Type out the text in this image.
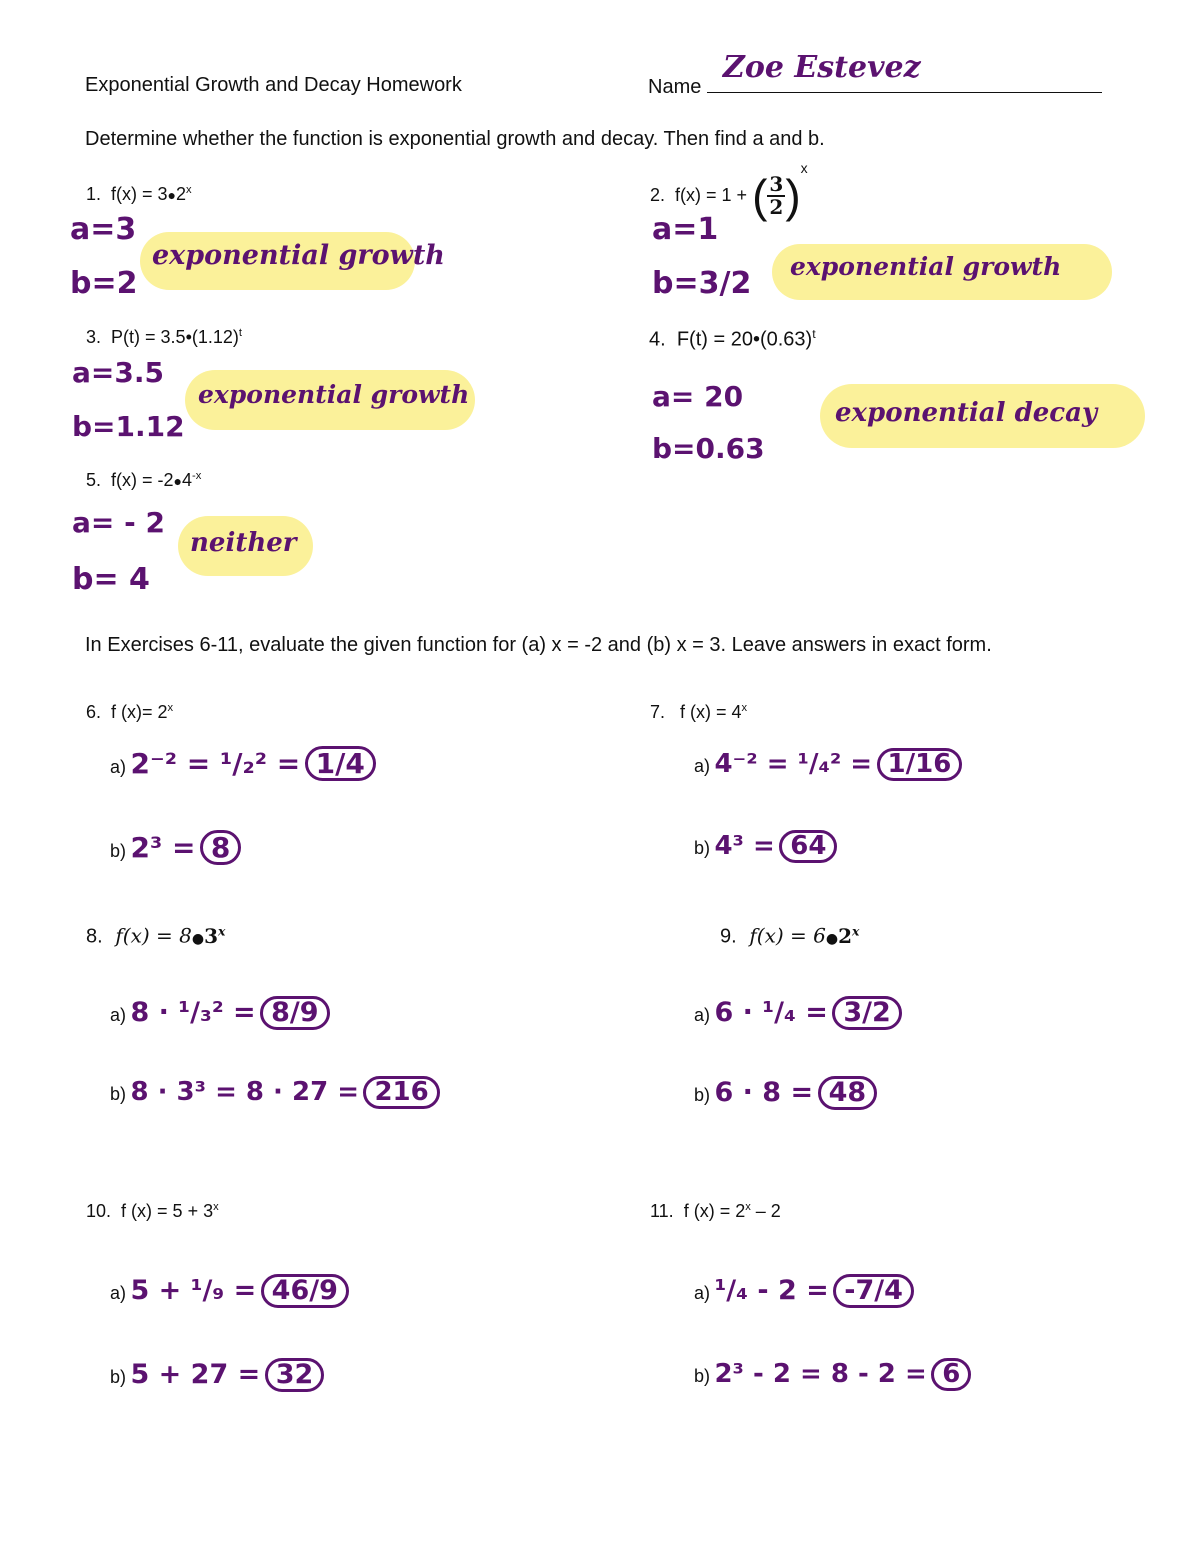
Exponential Growth and Decay Homework	Name
Zoe Estevez
Determine whether the function is exponential growth and decay. Then find a and b.
1. $f(x) = 3●2^x$
a=3
b=2
exponential growth
2. f(x) = 1 + ( $\frac{3}{2} )^x$
a=1
b=3/2 exponential growth
3. $P(t) = 3.5•(1.12)^t$
a=3.5
b=1.12
exponential growth
4. $F(t) = 20•(0.63)^t$
a= 20
b=0.63
exponential decay
5. $f(x) = -2●4^{-x}$
a= - 2
b= 4
neither
In Exercises 6-11, evaluate the given function for (a) x = -2 and (b) x = 3. Leave answers in exact form.
6. f $(x)= 2^x$
a) 2⁻² = ¹/₂² = 1/4
b) 2³ = 8
7. f $(x) = 4^x$
a) 4⁻² = ¹/₄² = 1/16
b) 4³ = 64
8. $f(x) = 8●3^x$
a) 8 · ¹/₃² = 8/9
b) 8 · 3³ = 8 · 27 = 216
9. $f(x) = 6●2^x$
a) 6 · ¹/₄ = 3/2
b) 6 · 8 = 48
10. f $(x) = 5 + 3^x$
a) 5 + ¹/₉ = 46/9
b) 5 + 27 = 32
11. f $(x) = 2^x - 2$
a) ¹/₄ - 2 = -7/4
b) 2³ - 2 = 8 - 2 = 6
